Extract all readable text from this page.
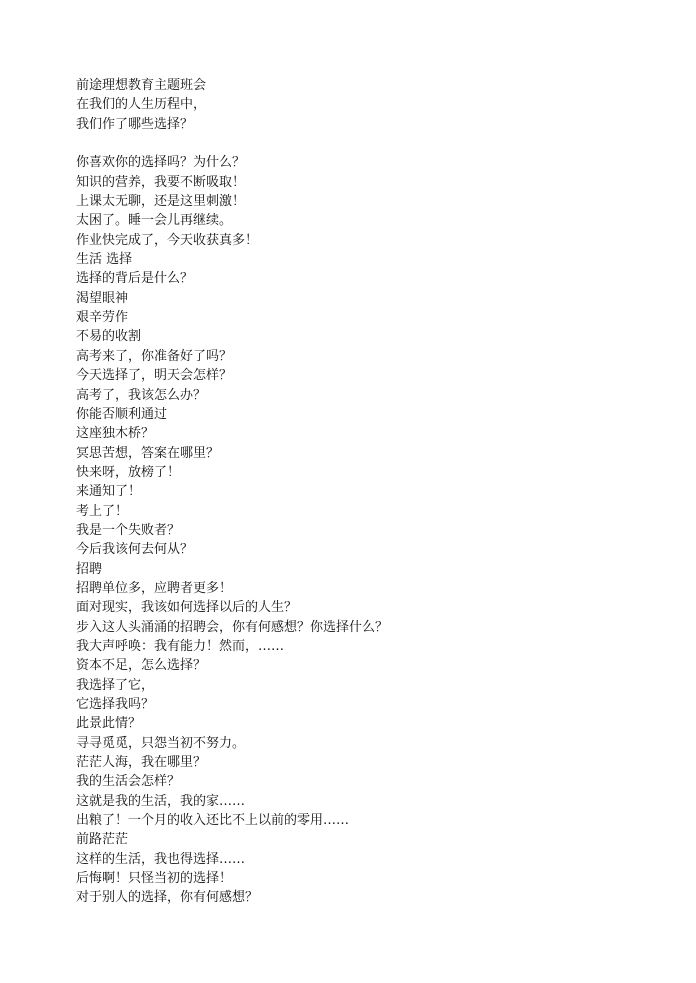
前途理想教育主题班会
在我们的人生历程中，
我们作了哪些选择？
你喜欢你的选择吗？为什么？
知识的营养，我要不断吸取！
上课太无聊，还是这里刺激！
太困了。睡一会儿再继续。
作业快完成了，今天收获真多！
生活 选择
选择的背后是什么？
渴望眼神
艰辛劳作
不易的收割
高考来了，你准备好了吗？
今天选择了，明天会怎样？
高考了，我该怎么办？
你能否顺利通过
这座独木桥？
冥思苦想，答案在哪里？
快来呀，放榜了！
来通知了！
考上了！
我是一个失败者？
今后我该何去何从？
招聘
招聘单位多，应聘者更多！
面对现实，我该如何选择以后的人生？
步入这人头涌涌的招聘会，你有何感想？你选择什么？
我大声呼唤：我有能力！然而，……
资本不足，怎么选择？
我选择了它，
它选择我吗？
此景此情？
寻寻觅觅，只怨当初不努力。
茫茫人海，我在哪里？
我的生活会怎样？
这就是我的生活，我的家……
出粮了！一个月的收入还比不上以前的零用……
前路茫茫
这样的生活，我也得选择……
后悔啊！只怪当初的选择！
对于别人的选择，你有何感想？
